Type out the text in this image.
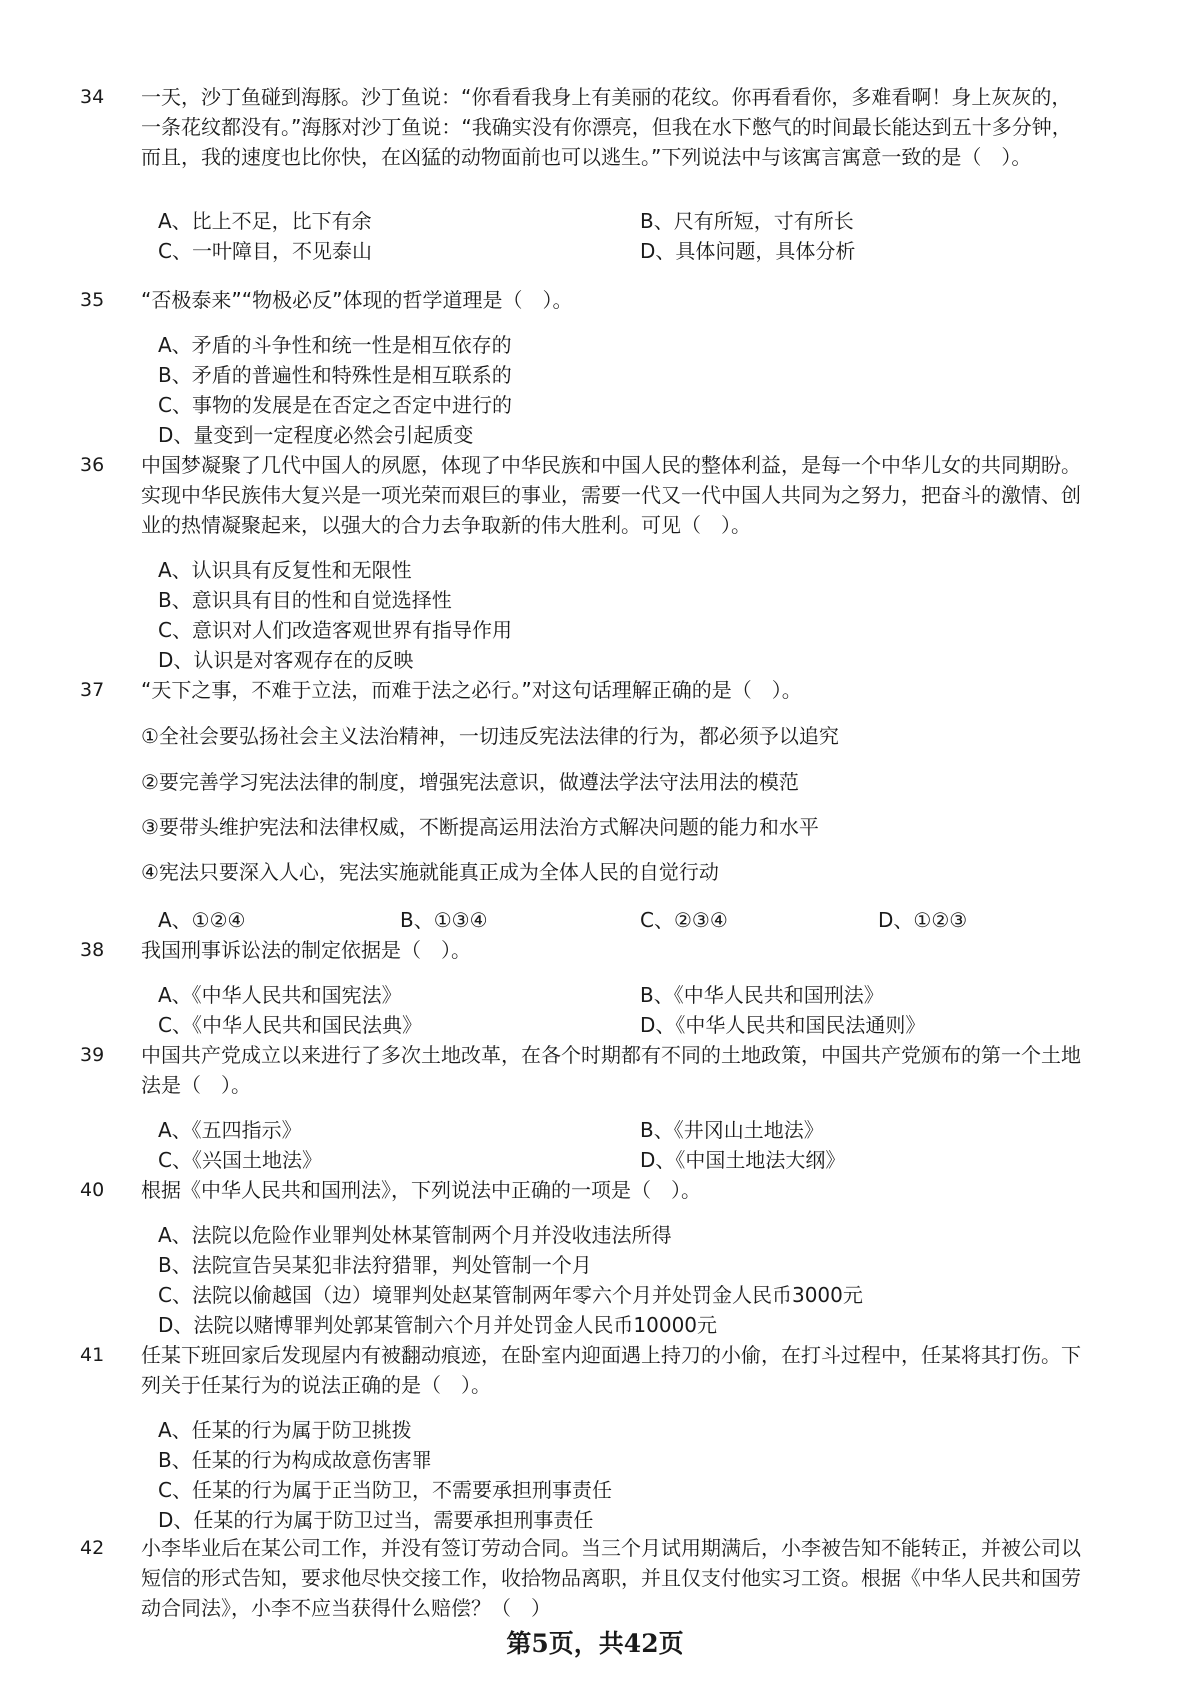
34 一天，沙丁鱼碰到海豚。沙丁鱼说：“你看看我身上有美丽的花纹。你再看看你，多难看啊！身上灰灰的，一条花纹都没有。”海豚对沙丁鱼说：“我确实没有你漂亮，但我在水下憋气的时间最长能达到五十多分钟，而且，我的速度也比你快，在凶猛的动物面前也可以逃生。”下列说法中与该寓言寓意一致的是（　）。

A、比上不足，比下有余	B、尺有所短，寸有所长
C、一叶障目，不见泰山	D、具体问题，具体分析
35 “否极泰来”“物极必反”体现的哲学道理是（　）。

A、矛盾的斗争性和统一性是相互依存的
B、矛盾的普遍性和特殊性是相互联系的
C、事物的发展是在否定之否定中进行的
D、量变到一定程度必然会引起质变
36 中国梦凝聚了几代中国人的夙愿，体现了中华民族和中国人民的整体利益，是每一个中华儿女的共同期盼。实现中华民族伟大复兴是一项光荣而艰巨的事业，需要一代又一代中国人共同为之努力，把奋斗的激情、创业的热情凝聚起来，以强大的合力去争取新的伟大胜利。可见（　）。

A、认识具有反复性和无限性
B、意识具有目的性和自觉选择性
C、意识对人们改造客观世界有指导作用
D、认识是对客观存在的反映
37 “天下之事，不难于立法，而难于法之必行。”对这句话理解正确的是（　）。

①全社会要弘扬社会主义法治精神，一切违反宪法法律的行为，都必须予以追究
②要完善学习宪法法律的制度，增强宪法意识，做遵法学法守法用法的模范
③要带头维护宪法和法律权威，不断提高运用法治方式解决问题的能力和水平
④宪法只要深入人心，宪法实施就能真正成为全体人民的自觉行动
A、①②④	B、①③④	C、②③④	D、①②③
38 我国刑事诉讼法的制定依据是（　）。

A、《中华人民共和国宪法》	B、《中华人民共和国刑法》
C、《中华人民共和国民法典》	D、《中华人民共和国民法通则》
39 中国共产党成立以来进行了多次土地改革，在各个时期都有不同的土地政策，中国共产党颁布的第一个土地法是（　）。

A、《五四指示》	B、《井冈山土地法》
C、《兴国土地法》	D、《中国土地法大纲》
40 根据《中华人民共和国刑法》，下列说法中正确的一项是（　）。

A、法院以危险作业罪判处林某管制两个月并没收违法所得
B、法院宣告吴某犯非法狩猎罪，判处管制一个月
C、法院以偷越国（边）境罪判处赵某管制两年零六个月并处罚金人民币3000元
D、法院以赌博罪判处郭某管制六个月并处罚金人民币10000元
41 任某下班回家后发现屋内有被翻动痕迹，在卧室内迎面遇上持刀的小偷，在打斗过程中，任某将其打伤。下列关于任某行为的说法正确的是（　）。

A、任某的行为属于防卫挑拨
B、任某的行为构成故意伤害罪
C、任某的行为属于正当防卫，不需要承担刑事责任
D、任某的行为属于防卫过当，需要承担刑事责任
42 小李毕业后在某公司工作，并没有签订劳动合同。当三个月试用期满后，小李被告知不能转正，并被公司以短信的形式告知，要求他尽快交接工作，收拾物品离职，并且仅支付他实习工资。根据《中华人民共和国劳动合同法》，小李不应当获得什么赔偿？（　）

第5页，共42页
